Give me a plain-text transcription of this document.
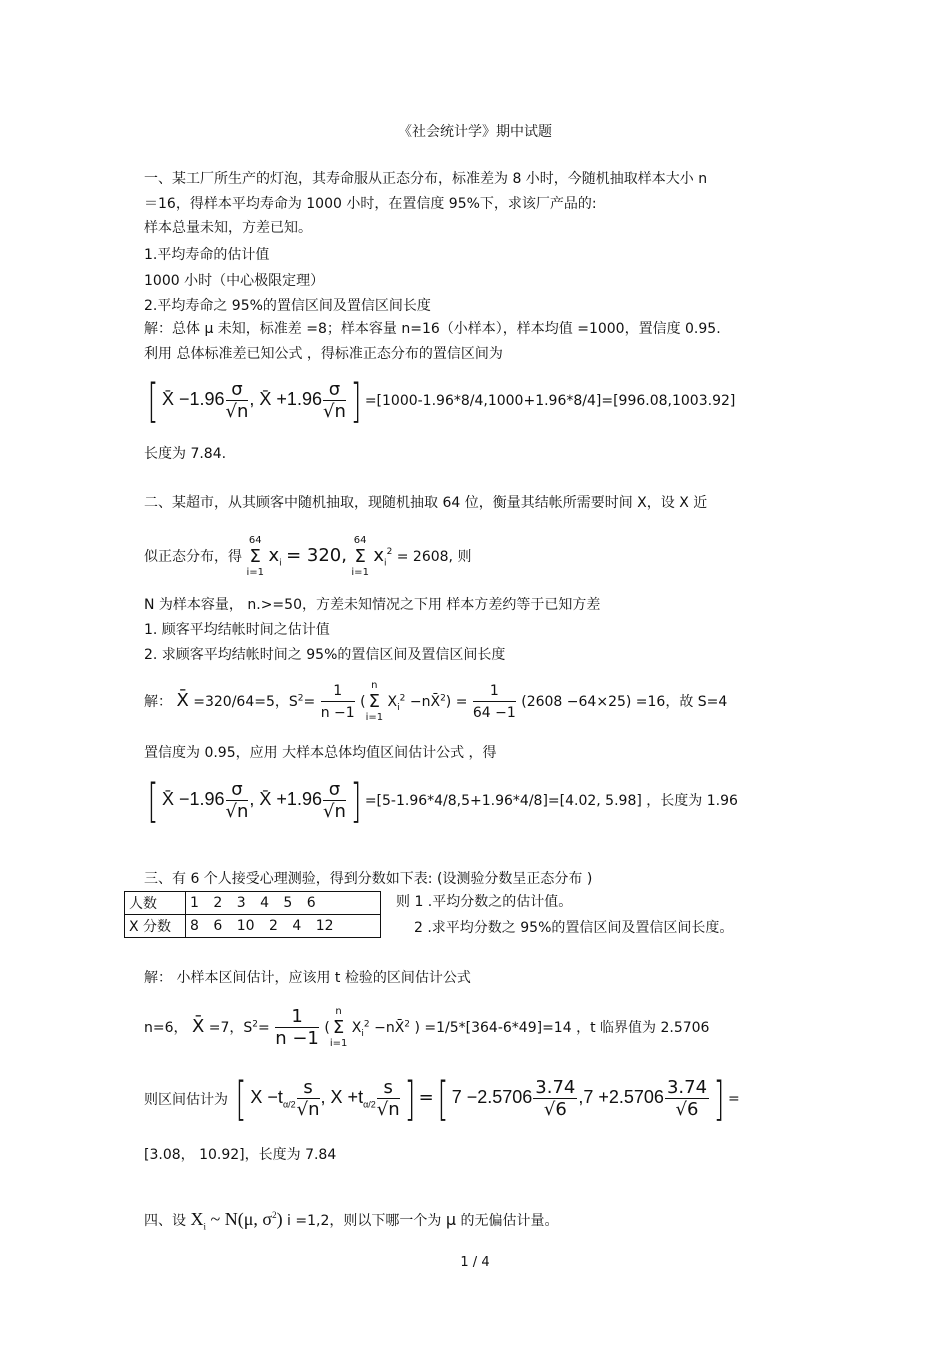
《社会统计学》期中试题
一、某工厂所生产的灯泡，其寿命服从正态分布，标准差为 8 小时，今随机抽取样本大小 n
＝16，得样本平均寿命为 1000 小时，在置信度 95%下，求该厂产品的:
样本总量未知，方差已知。
1.平均寿命的估计值
1000 小时（中心极限定理）
2.平均寿命之 95%的置信区间及置信区间长度
解：总体 μ 未知，标准差 =8；样本容量 n=16（小样本），样本均值 =1000，置信度 0.95.
利用 总体标准差已知公式 ，得标准正态分布的置信区间为
[ X̄ $-1.96 \frac{\sigma}{√n}$ , X̄ $+1.96 \frac{\sigma}{√n}$ ] =[1000-1.96*8/4,1000+1.96*8/4]=[996.08,1003.92]
长度为 7.84.
二、某超市，从其顾客中随机抽取，现随机抽取 64 位，衡量其结帐所需要时间 X，设 X 近
似正态分布，得
64
Σ
i=1
$x_i = 320$,
64
Σ
i=1
$x_i^2 = 2608$, 则
N 为样本容量， n.>=50，方差未知情况之下用 样本方差约等于已知方差
1. 顾客平均结帐时间之估计值
2. 求顾客平均结帐时间之 95%的置信区间及置信区间长度
解： X̄ =320/64=5，$S^2= \frac{1}{n -1}$ (
n
Σ
i=1
$X_i^2$ −nX̄$^2$) = $\frac{1}{64 -1} (2608 -64\times 25) =16$，故 S=4
置信度为 0.95，应用 大样本总体均值区间估计公式 ，得
[ X̄ $-1.96 \frac{\sigma}{√n}$ , X̄ $+1.96 \frac{\sigma}{√n}$ ] =[5-1.96*4/8,5+1.96*4/8]=[4.02, 5.98] ，长度为 1.96
三、有 6 个人接受心理测验，得到分数如下表: (设测验分数呈正态分布 )
人数	1 2 3 4 5 6
X 分数	8 6 10 2 4 12
则 1 .平均分数之的估计值。
2 .求平均分数之 95%的置信区间及置信区间长度。
解： 小样本区间估计，应该用 t 检验的区间估计公式
n=6， X̄ =7，$S^2= \frac{1}{n -1}$ (
n
Σ
i=1
$X_i^2$ −nX̄$^2$ ) =1/5*[364-6*49]=14 ，t 临界值为 2.5706
则区间估计为 [ $X -t_{\alpha/2} \frac{s}{√n}$ , $X +t_{\alpha/2} \frac{s}{√n}$ ] =[ $7 -2.5706 \frac{3.74}{√6} ,7 +2.5706 \frac{3.74}{√6}$ ] =
[3.08， 10.92]，长度为 7.84
四、设 $X_i$ ~ N(μ, $\sigma^2$) i =1,2，则以下哪一个为 μ 的无偏估计量。
1 / 4
